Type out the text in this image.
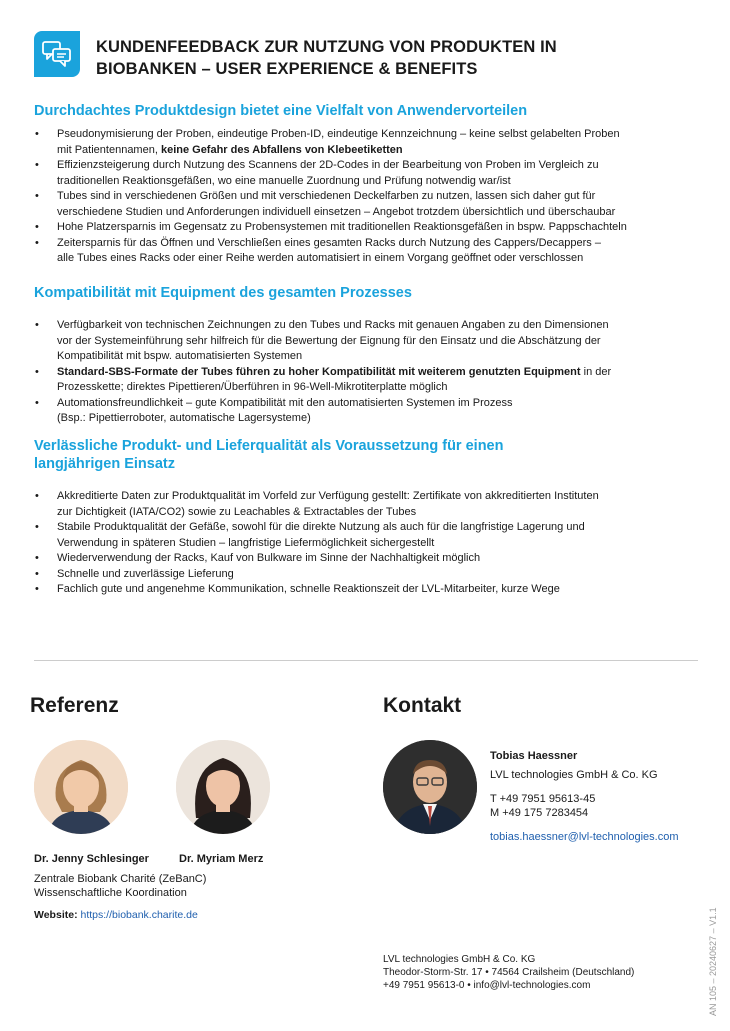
KUNDENFEEDBACK ZUR NUTZUNG VON PRODUKTEN IN
BIOBANKEN – USER EXPERIENCE & BENEFITS
Durchdachtes Produktdesign bietet eine Vielfalt von Anwendervorteilen
• Pseudonymisierung der Proben, eindeutige Proben-ID, eindeutige Kennzeichnung – keine selbst gelabelten Proben
mit Patientennamen, keine Gefahr des Abfallens von Klebeetiketten
• Effizienzsteigerung durch Nutzung des Scannens der 2D-Codes in der Bearbeitung von Proben im Vergleich zu
traditionellen Reaktionsgefäßen, wo eine manuelle Zuordnung und Prüfung notwendig war/ist
• Tubes sind in verschiedenen Größen und mit verschiedenen Deckelfarben zu nutzen, lassen sich daher gut für
verschiedene Studien und Anforderungen individuell einsetzen – Angebot trotzdem übersichtlich und überschaubar
• Hohe Platzersparnis im Gegensatz zu Probensystemen mit traditionellen Reaktionsgefäßen in bspw. Pappschachteln
• Zeitersparnis für das Öffnen und Verschließen eines gesamten Racks durch Nutzung des Cappers/Decappers –
alle Tubes eines Racks oder einer Reihe werden automatisiert in einem Vorgang geöffnet oder verschlossen
Kompatibilität mit Equipment des gesamten Prozesses
• Verfügbarkeit von technischen Zeichnungen zu den Tubes und Racks mit genauen Angaben zu den Dimensionen
vor der Systemeinführung sehr hilfreich für die Bewertung der Eignung für den Einsatz und die Abschätzung der
Kompatibilität mit bspw. automatisierten Systemen
• Standard-SBS-Formate der Tubes führen zu hoher Kompatibilität mit weiterem genutzten Equipment in der
Prozesskette; direktes Pipettieren/Überführen in 96-Well-Mikrotiterplatte möglich
• Automationsfreundlichkeit – gute Kompatibilität mit den automatisierten Systemen im Prozess
(Bsp.: Pipettierroboter, automatische Lagersysteme)
Verlässliche Produkt- und Lieferqualität als Voraussetzung für einen
langjährigen Einsatz
• Akkreditierte Daten zur Produktqualität im Vorfeld zur Verfügung gestellt: Zertifikate von akkreditierten Instituten
zur Dichtigkeit (IATA/CO2) sowie zu Leachables & Extractables der Tubes
• Stabile Produktqualität der Gefäße, sowohl für die direkte Nutzung als auch für die langfristige Lagerung und
Verwendung in späteren Studien – langfristige Liefermöglichkeit sichergestellt
• Wiederverwendung der Racks, Kauf von Bulkware im Sinne der Nachhaltigkeit möglich
• Schnelle und zuverlässige Lieferung
• Fachlich gute und angenehme Kommunikation, schnelle Reaktionszeit der LVL-Mitarbeiter, kurze Wege
Referenz
Dr. Jenny Schlesinger	Dr. Myriam Merz
Zentrale Biobank Charité (ZeBanC)
Wissenschaftliche Koordination
Website: https://biobank.charite.de
Kontakt
Tobias Haessner
LVL technologies GmbH & Co. KG
T +49 7951 95613-45
M +49 175 7283454
tobias.haessner@lvl-technologies.com
LVL technologies GmbH & Co. KG
Theodor-Storm-Str. 17 • 74564 Crailsheim (Deutschland)
+49 7951 95613-0 • info@lvl-technologies.com	AN 105 – 20240627 – V1.1
